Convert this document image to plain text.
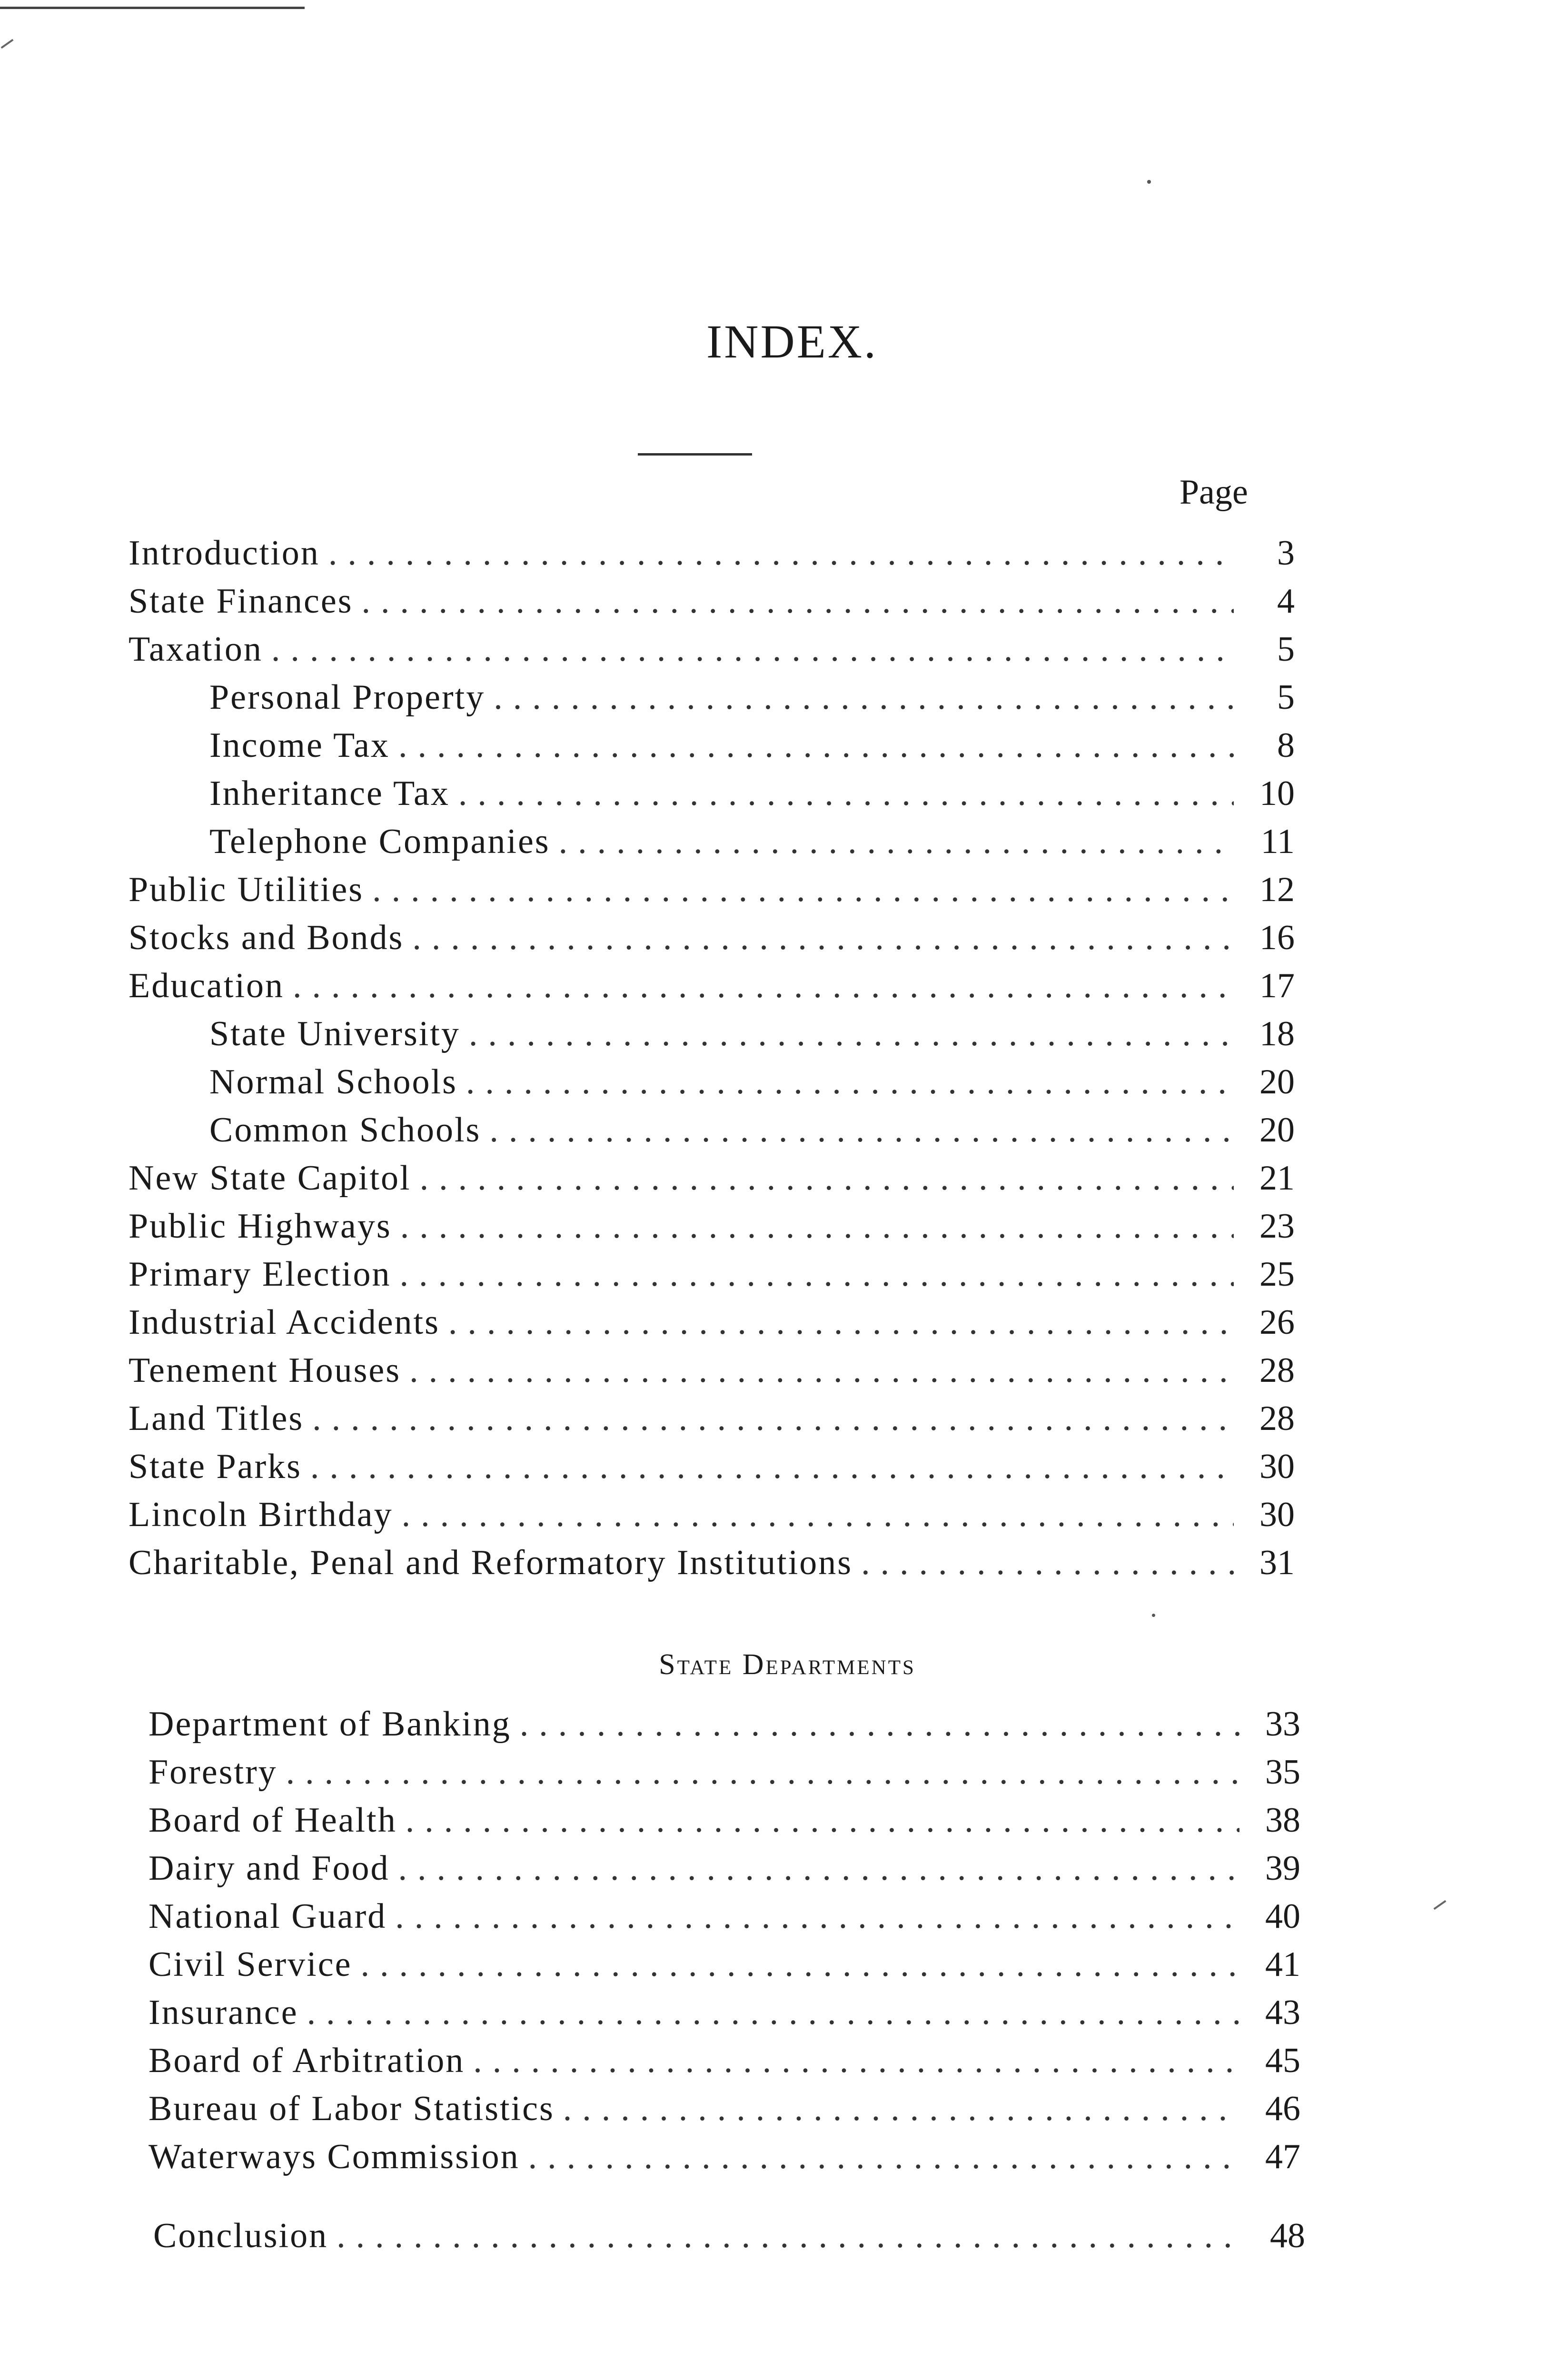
INDEX.
Page
Introduction .....	3
State Finances .....	4
Taxation .....	5
Personal Property .....	5
Income Tax .....	8
Inheritance Tax .....	10
Telephone Companies .....	11
Public Utilities .....	12
Stocks and Bonds .....	16
Education .....	17
State University .....	18
Normal Schools .....	20
Common Schools .....	20
New State Capitol .....	21
Public Highways .....	23
Primary Election .....	25
Industrial Accidents .....	26
Tenement Houses .....	28
Land Titles .....	28
State Parks .....	30
Lincoln Birthday .....	30
Charitable, Penal and Reformatory Institutions .....	31
State Departments
Department of Banking .....	33
Forestry .....	35
Board of Health .....	38
Dairy and Food .....	39
National Guard .....	40
Civil Service .....	41
Insurance .....	43
Board of Arbitration .....	45
Bureau of Labor Statistics .....	46
Waterways Commission .....	47
Conclusion .....	48
